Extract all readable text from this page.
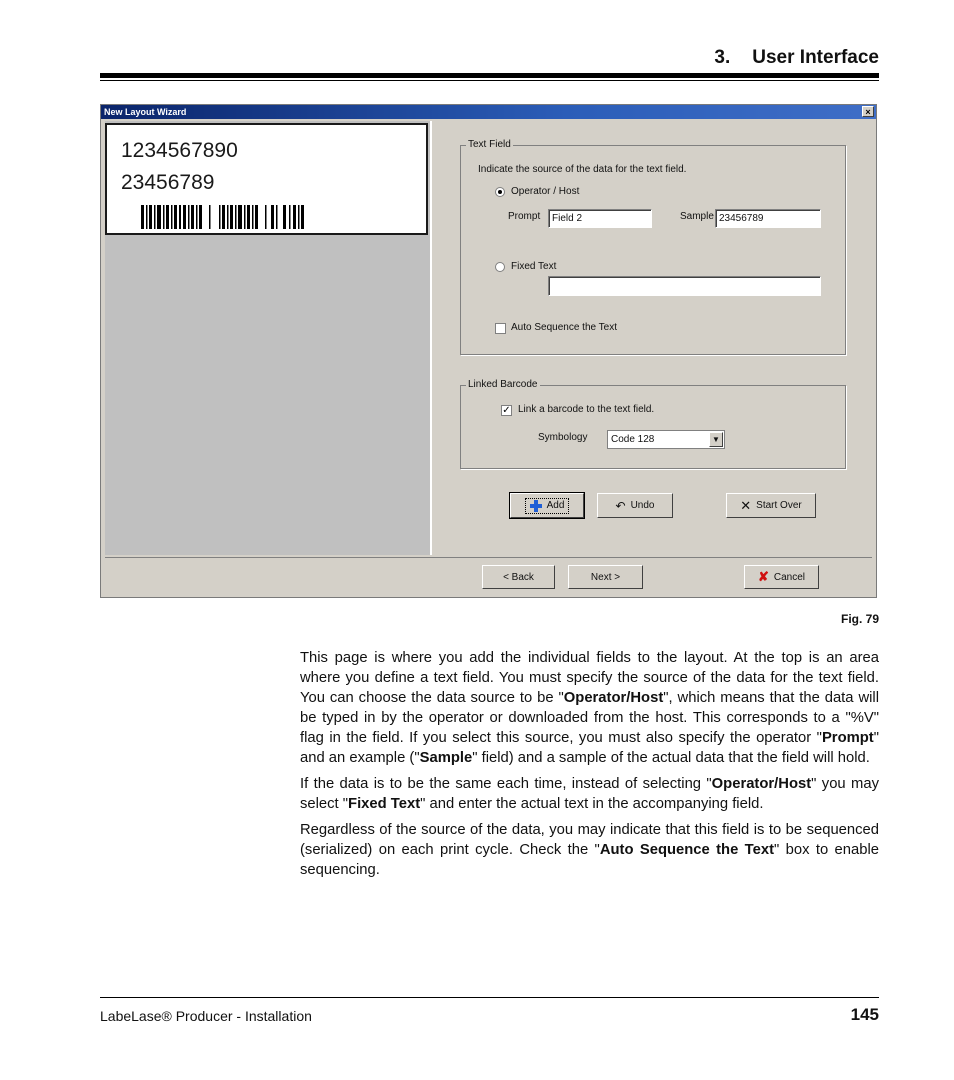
3. User Interface
New Layout Wizard	×
1234567890
23456789
Text Field
Indicate the source of the data for the text field.
Operator / Host
Prompt	Field 2	Sample 23456789
Fixed Text
Auto Sequence the Text
Linked Barcode
✓ Link a barcode to the text field.
Symbology	Code 128	▼
Add	↶ Undo	✕ Start Over
< Back	Next >	✘ Cancel
Fig. 79

This page is where you add the individual fields to the layout. At the top is an area where you define a text field. You must specify the source of the data for the text field. You can choose the data source to be "Operator/Host", which means that the data will be typed in by the operator or downloaded from the host. This corresponds to a "%V" flag in the field. If you select this source, you must also specify the operator "Prompt" and an example ("Sample" field) and a sample of the actual data that the field will hold.

If the data is to be the same each time, instead of selecting "Operator/Host" you may select "Fixed Text" and enter the actual text in the accompanying field.

Regardless of the source of the data, you may indicate that this field is to be sequenced (serialized) on each print cycle. Check the "Auto Sequence the Text" box to enable sequencing.

LabeLase® Producer - Installation	145
